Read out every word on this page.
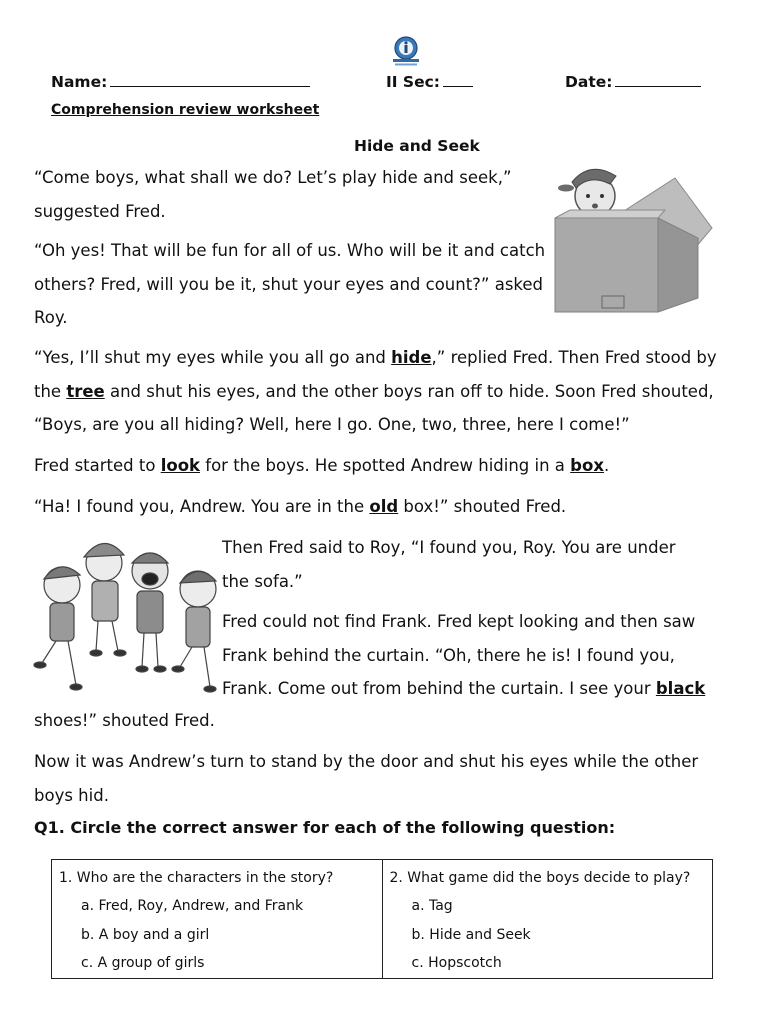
Name:	II Sec:	Date:
Comprehension review worksheet
Hide and Seek
“Come boys, what shall we do? Let’s play hide and seek,”
suggested Fred.
“Oh yes! That will be fun for all of us. Who will be it and catch
others? Fred, will you be it, shut your eyes and count?” asked
Roy.
“Yes, I’ll shut my eyes while you all go and hide,” replied Fred. Then Fred stood by
the tree and shut his eyes, and the other boys ran off to hide. Soon Fred shouted,
“Boys, are you all hiding? Well, here I go. One, two, three, here I come!”
Fred started to look for the boys. He spotted Andrew hiding in a box.
“Ha! I found you, Andrew. You are in the old box!” shouted Fred.
Then Fred said to Roy, “I found you, Roy. You are under
the sofa.”
Fred could not find Frank. Fred kept looking and then saw
Frank behind the curtain. “Oh, there he is! I found you,
Frank. Come out from behind the curtain. I see your black
shoes!” shouted Fred.
Now it was Andrew’s turn to stand by the door and shut his eyes while the other
boys hid.
Q1. Circle the correct answer for each of the following question:
1. Who are the characters in the story?
a. Fred, Roy, Andrew, and Frank
b. A boy and a girl
c. A group of girls

2. What game did the boys decide to play?
a. Tag
b. Hide and Seek
c. Hopscotch
